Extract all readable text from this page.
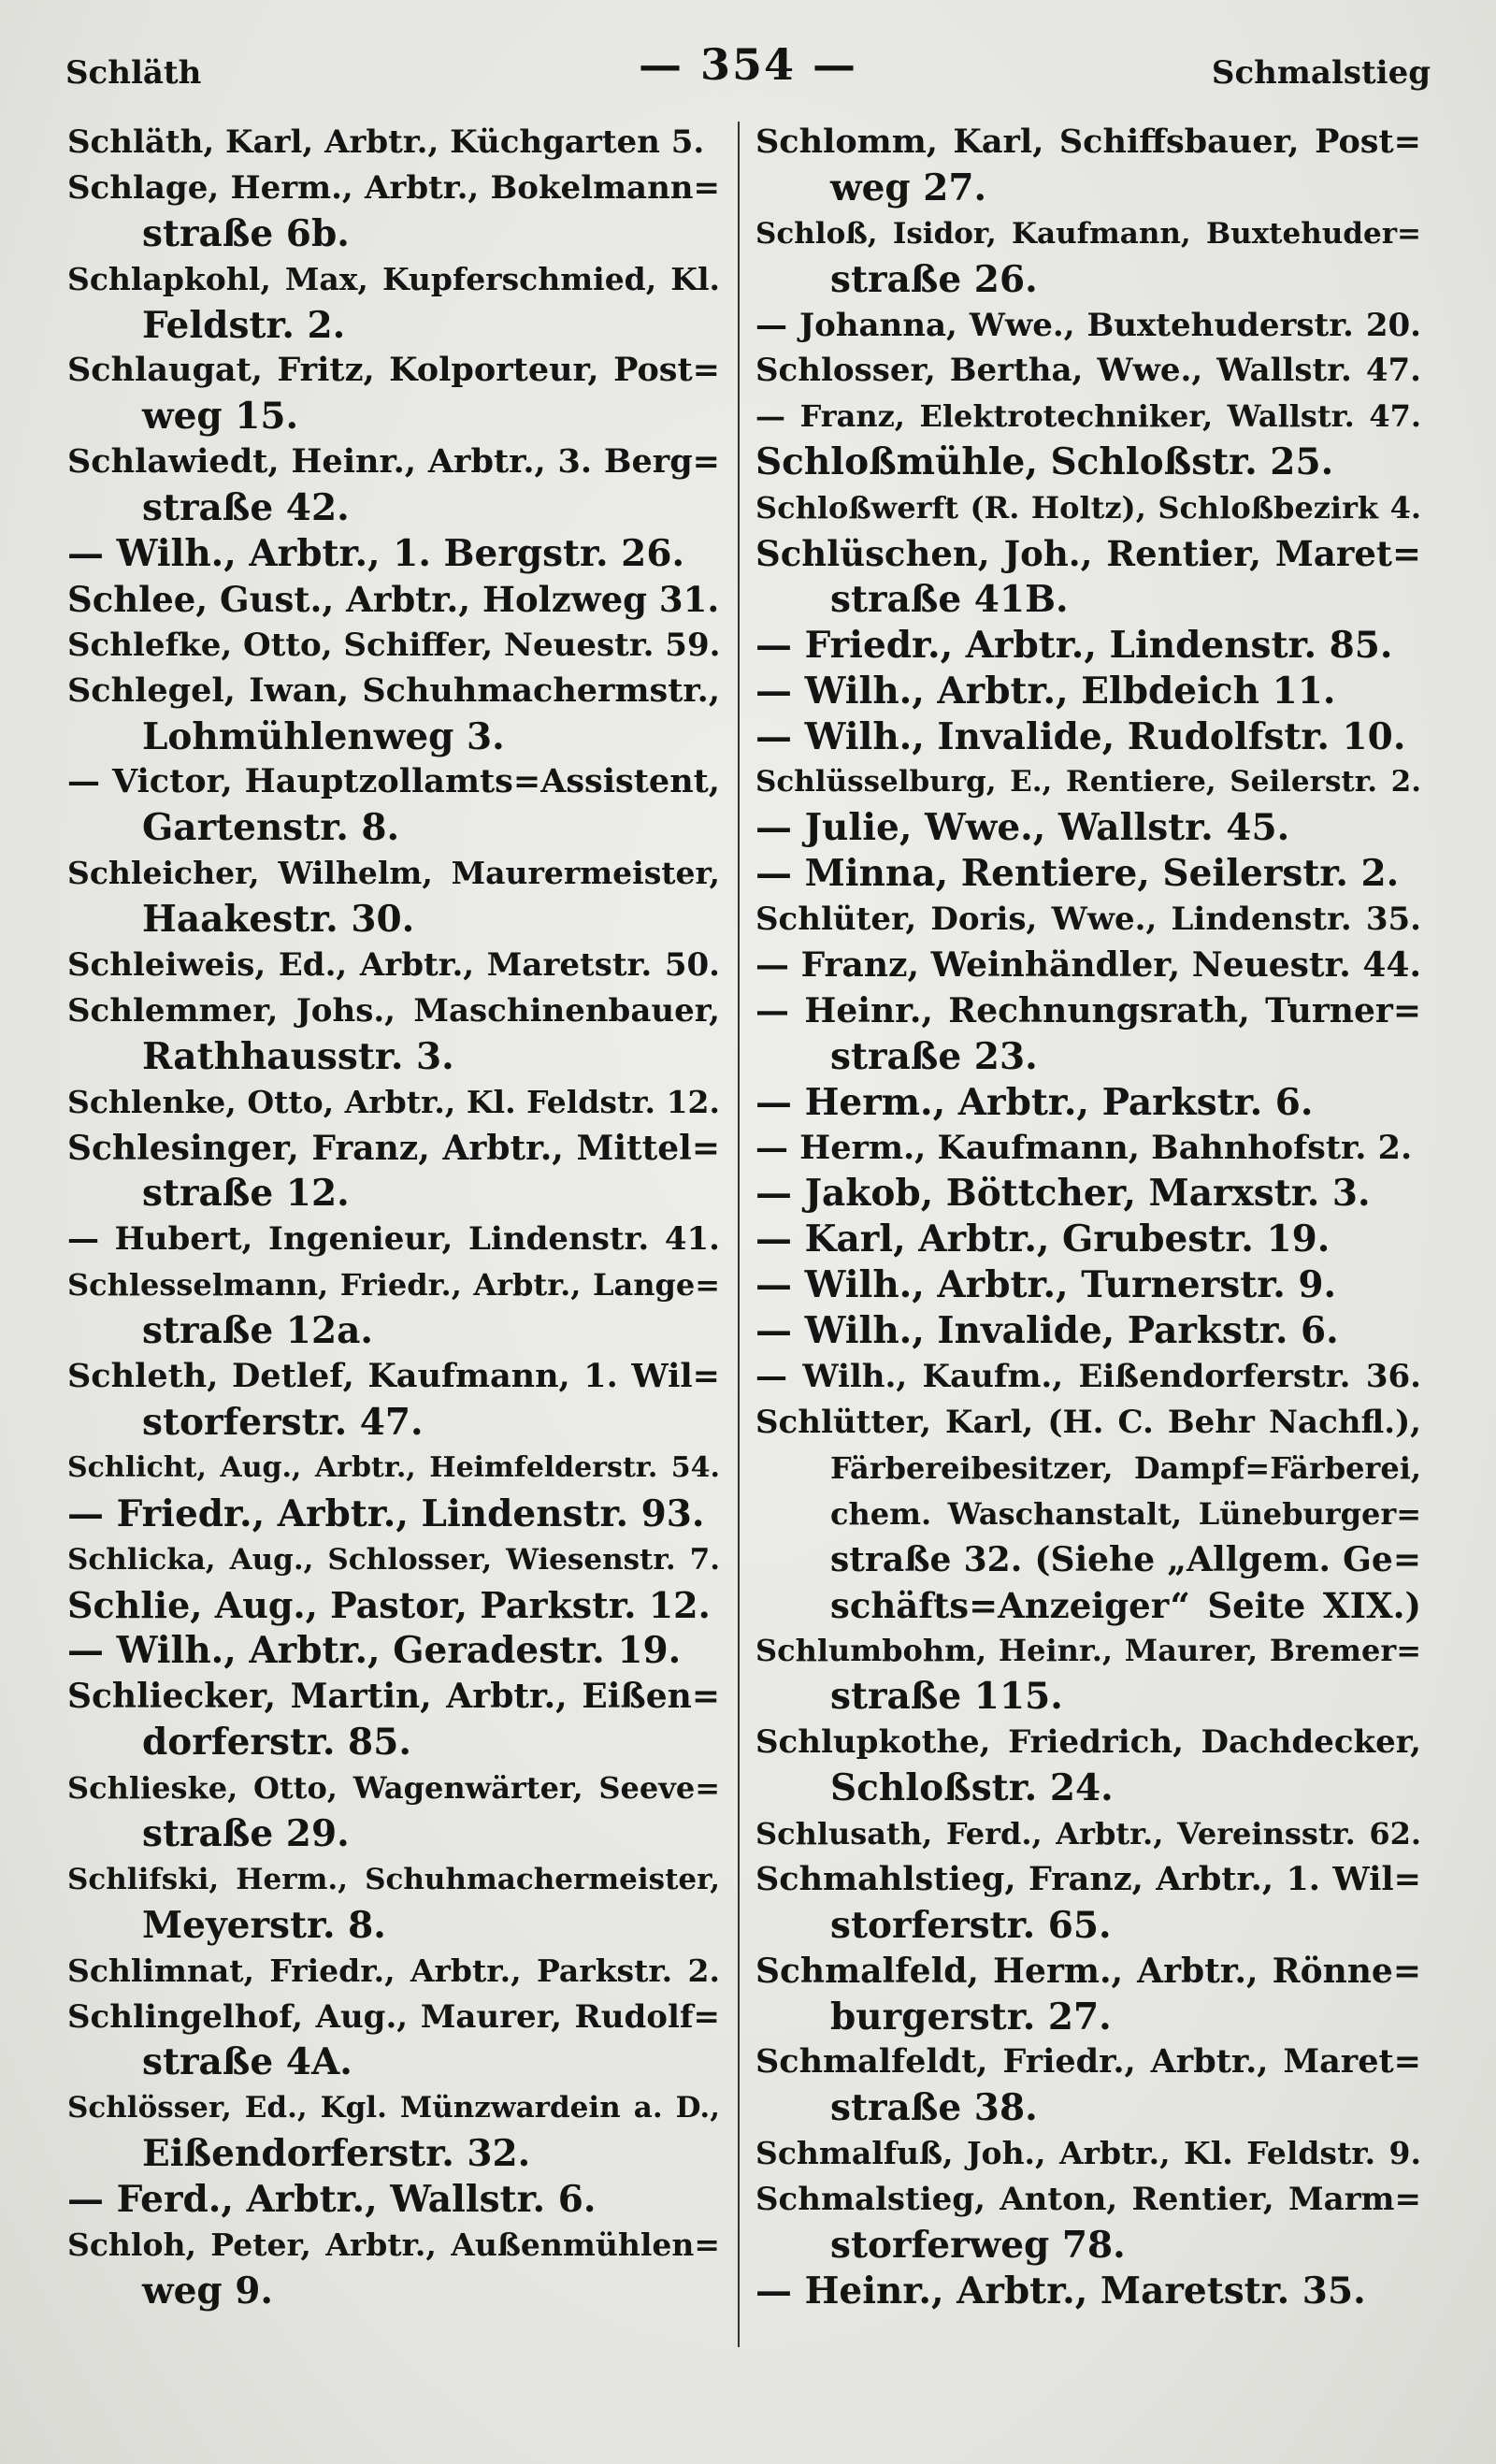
Schläth	— 354 —	Schmalstieg
Schläth, Karl, Arbtr., Küchgarten 5.
Schlage, Herm., Arbtr., Bokelmann=
straße 6b.
Schlapkohl, Max, Kupferschmied, Kl.
Feldstr. 2.
Schlaugat, Fritz, Kolporteur, Post=
weg 15.
Schlawiedt, Heinr., Arbtr., 3. Berg=
straße 42.
— Wilh., Arbtr., 1. Bergstr. 26.
Schlee, Gust., Arbtr., Holzweg 31.
Schlefke, Otto, Schiffer, Neuestr. 59.
Schlegel, Iwan, Schuhmachermstr.,
Lohmühlenweg 3.
— Victor, Hauptzollamts=Assistent,
Gartenstr. 8.
Schleicher, Wilhelm, Maurermeister,
Haakestr. 30.
Schleiweis, Ed., Arbtr., Maretstr. 50.
Schlemmer, Johs., Maschinenbauer,
Rathhausstr. 3.
Schlenke, Otto, Arbtr., Kl. Feldstr. 12.
Schlesinger, Franz, Arbtr., Mittel=
straße 12.
— Hubert, Ingenieur, Lindenstr. 41.
Schlesselmann, Friedr., Arbtr., Lange=
straße 12a.
Schleth, Detlef, Kaufmann, 1. Wil=
storferstr. 47.
Schlicht, Aug., Arbtr., Heimfelderstr. 54.
— Friedr., Arbtr., Lindenstr. 93.
Schlicka, Aug., Schlosser, Wiesenstr. 7.
Schlie, Aug., Pastor, Parkstr. 12.
— Wilh., Arbtr., Geradestr. 19.
Schliecker, Martin, Arbtr., Eißen=
dorferstr. 85.
Schlieske, Otto, Wagenwärter, Seeve=
straße 29.
Schlifski, Herm., Schuhmachermeister,
Meyerstr. 8.
Schlimnat, Friedr., Arbtr., Parkstr. 2.
Schlingelhof, Aug., Maurer, Rudolf=
straße 4A.
Schlösser, Ed., Kgl. Münzwardein a. D.,
Eißendorferstr. 32.
— Ferd., Arbtr., Wallstr. 6.
Schloh, Peter, Arbtr., Außenmühlen=
weg 9.
Schlomm, Karl, Schiffsbauer, Post=
weg 27.
Schloß, Isidor, Kaufmann, Buxtehuder=
straße 26.
— Johanna, Wwe., Buxtehuderstr. 20.
Schlosser, Bertha, Wwe., Wallstr. 47.
— Franz, Elektrotechniker, Wallstr. 47.
Schloßmühle, Schloßstr. 25.
Schloßwerft (R. Holtz), Schloßbezirk 4.
Schlüschen, Joh., Rentier, Maret=
straße 41B.
— Friedr., Arbtr., Lindenstr. 85.
— Wilh., Arbtr., Elbdeich 11.
— Wilh., Invalide, Rudolfstr. 10.
Schlüsselburg, E., Rentiere, Seilerstr. 2.
— Julie, Wwe., Wallstr. 45.
— Minna, Rentiere, Seilerstr. 2.
Schlüter, Doris, Wwe., Lindenstr. 35.
— Franz, Weinhändler, Neuestr. 44.
— Heinr., Rechnungsrath, Turner=
straße 23.
— Herm., Arbtr., Parkstr. 6.
— Herm., Kaufmann, Bahnhofstr. 2.
— Jakob, Böttcher, Marxstr. 3.
— Karl, Arbtr., Grubestr. 19.
— Wilh., Arbtr., Turnerstr. 9.
— Wilh., Invalide, Parkstr. 6.
— Wilh., Kaufm., Eißendorferstr. 36.
Schlütter, Karl, (H. C. Behr Nachfl.),
Färbereibesitzer, Dampf=Färberei,
chem. Waschanstalt, Lüneburger=
straße 32. (Siehe „Allgem. Ge=
schäfts=Anzeiger“ Seite XIX.)
Schlumbohm, Heinr., Maurer, Bremer=
straße 115.
Schlupkothe, Friedrich, Dachdecker,
Schloßstr. 24.
Schlusath, Ferd., Arbtr., Vereinsstr. 62.
Schmahlstieg, Franz, Arbtr., 1. Wil=
storferstr. 65.
Schmalfeld, Herm., Arbtr., Rönne=
burgerstr. 27.
Schmalfeldt, Friedr., Arbtr., Maret=
straße 38.
Schmalfuß, Joh., Arbtr., Kl. Feldstr. 9.
Schmalstieg, Anton, Rentier, Marm=
storferweg 78.
— Heinr., Arbtr., Maretstr. 35.
